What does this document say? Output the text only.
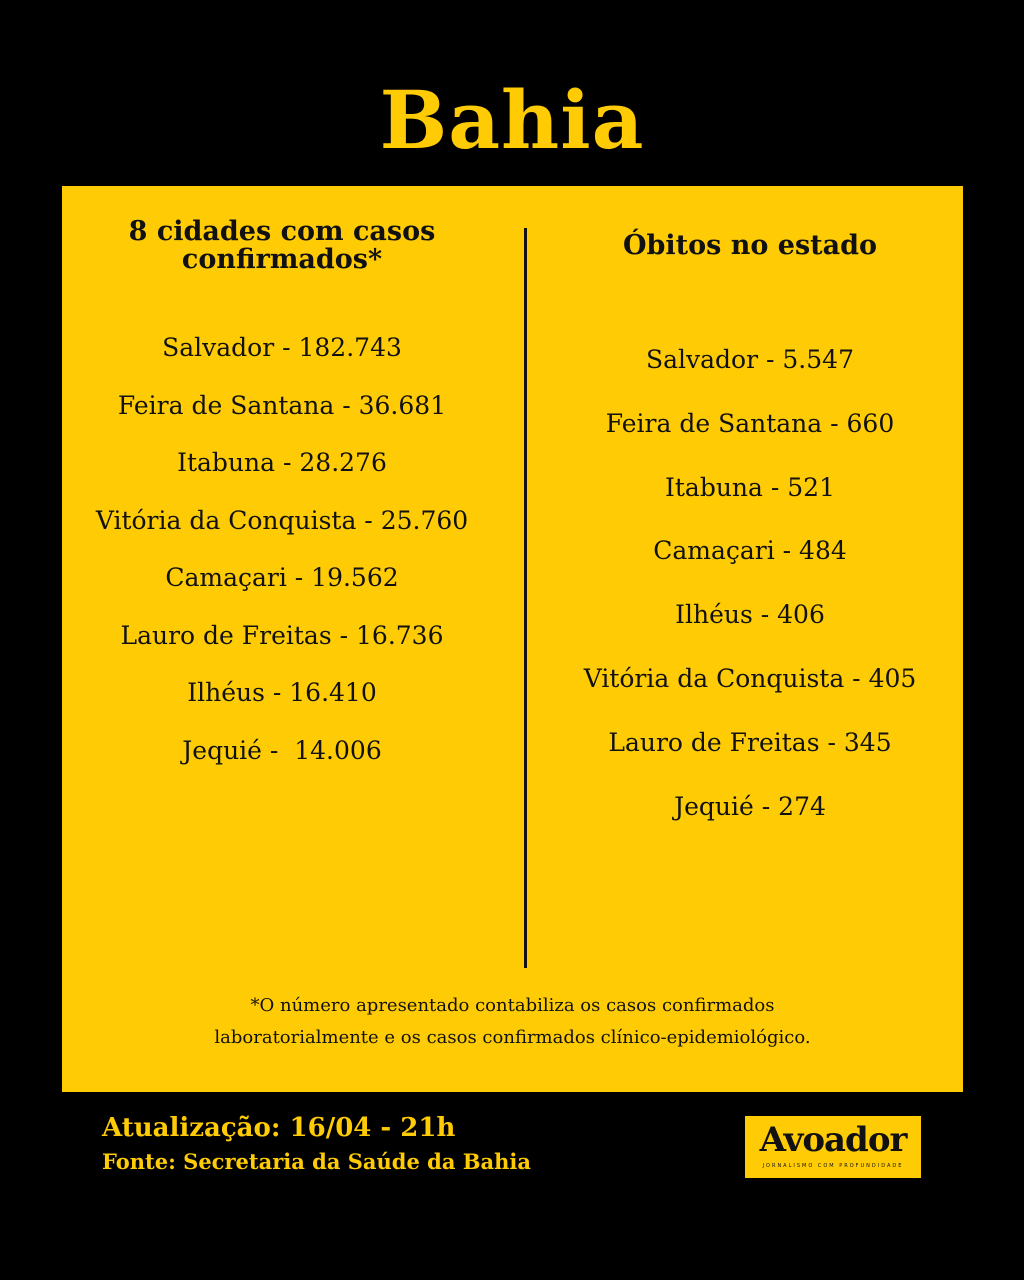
Bahia
8 cidades com casos
confirmados*
Salvador - 182.743
Feira de Santana - 36.681
Itabuna - 28.276
Vitória da Conquista - 25.760
Camaçari - 19.562
Lauro de Freitas - 16.736
Ilhéus - 16.410
Jequié -  14.006
Óbitos no estado
Salvador - 5.547
Feira de Santana - 660
Itabuna - 521
Camaçari - 484
Ilhéus - 406
Vitória da Conquista - 405
Lauro de Freitas - 345
Jequié - 274
*O número apresentado contabiliza os casos confirmados
laboratorialmente e os casos confirmados clínico-epidemiológico.
Atualização: 16/04 - 21h
Fonte: Secretaria da Saúde da Bahia
Avoador
JORNALISMO COM PROFUNDIDADE
